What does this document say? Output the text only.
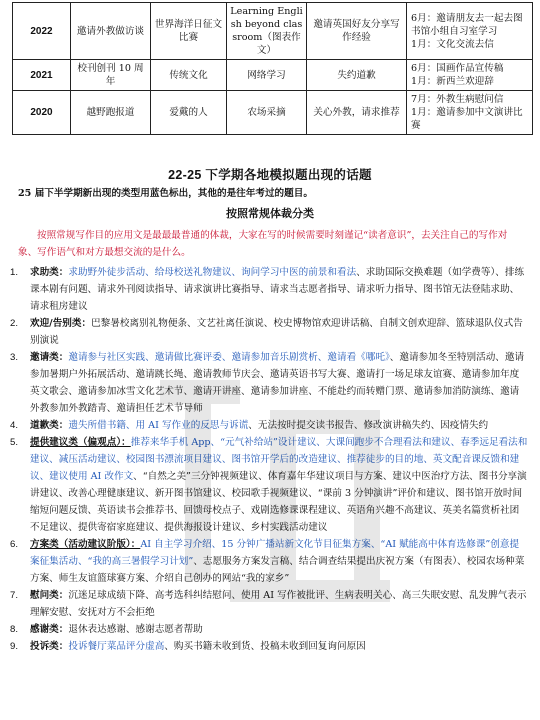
2022	邀请外教做访谈	世界海洋日征文比赛	Learning English beyond classroom（图表作文）	邀请英国好友分享写作经验	6月：邀请朋友去一起去图书馆小组自习室学习
1月：文化交流去信

2021	校刊创刊 10 周年	传统文化	网络学习	失约道歉	6月：国画作品宣传稿
1月：新西兰欢迎辞

2020	越野跑报道	爱戴的人	农场采摘	关心外教，请求推荐	7月：外教生病慰问信
1月：邀请参加中文演讲比赛
22-25 下学期各地模拟题出现的话题
25 届下半学期新出现的类型用蓝色标出，其他的是往年考过的题目。
按照常规体裁分类
按照常规写作目的应用文是最最最普通的体裁，大家在写的时候需要时刻谨记“读者意识”，去关注自己的写作对象、写作语气和对方最想交流的是什么。
1. 求助类：求助野外徒步活动、给母校送礼物建议、询问学习中医的前景和看法、求助国际交换难题（如学费等）、排练课本剧有问题、请求外刊阅读指导、请求演讲比赛指导、请求当志愿者指导、请求听力指导、图书馆无法登陆求助、请求租房建议
2. 欢迎/告别类：巴黎暑校离别礼物便条、文艺社离任演说、校史博物馆欢迎讲话稿、自制文创欢迎辞、篮球退队仪式告别演说
3. 邀请类：邀请参与社区实践、邀请做比赛评委、邀请参加音乐剧赏析、邀请看《哪吒》、邀请参加冬至特别活动、邀请参加暑期户外拓展活动、邀请跳长绳、邀请教师节庆会、邀请英语书写大赛、邀请打一场足球友谊赛、邀请参加年度英文歌会、邀请参加冰雪文化艺术节、邀请开讲座、邀请参加讲座、不能赴约而转赠门票、邀请参加消防演练、邀请外教参加外教踏青、邀请担任艺术节导师
4. 道歉类：遗失所借书籍、用 AI 写作业的反思与诉谎、无法按时提交读书报告、修改演讲稿失约、因疫情失约
5. 提供建议类（偏观点）：推荐来华手机 App、“元气补给站”设计建议、大课间跑步不合理看法和建议、春季远足看法和建议、减压活动建议、校园图书漂流项目建议、图书馆开学后的改造建议、推荐徒步的目的地、英文配音课反馈和建议、建议使用 AI 改作文、“自然之美”三分钟视频建议、体育嘉年华建议项目与方案、建议中医治疗方法、图书分享演讲建议、改善心理健康建议、新开图书馆建议、校园歌手视频建议、“课前 3 分钟演讲”评价和建议、图书馆开放时间缩短问题反馈、英语读书会推荐书、回馈母校点子、戏剧选修课课程建议、英语角兴趣不高建议、英美名篇赏析社团不足建议、提供寄宿家庭建议、提供海报设计建议、乡村实践活动建议
6. 方案类（活动建议阶版）：AI 自主学习介绍、15 分钟广播站新文化节目征集方案、“AI 赋能高中体育选修课”创意提案征集活动、“我的高三暑假学习计划”、志愿服务方案发言稿、结合调查结果提出庆祝方案（有图表）、校园农场种菜方案、师生友谊篮球赛方案、介绍自己创办的网站“我的家乡”
7. 慰问类：沉迷足球成绩下降、高考选科纠结慰问、使用 AI 写作被批评、生病表明关心、高三失眠安慰、乱发脾气表示理解安慰、安抚对方不会拒绝
8. 感谢类：退休表达感谢、感谢志愿者帮助
9. 投诉类：投诉餐厅菜品评分虚高、购买书籍未收到货、投稿未收到回复询问原因
